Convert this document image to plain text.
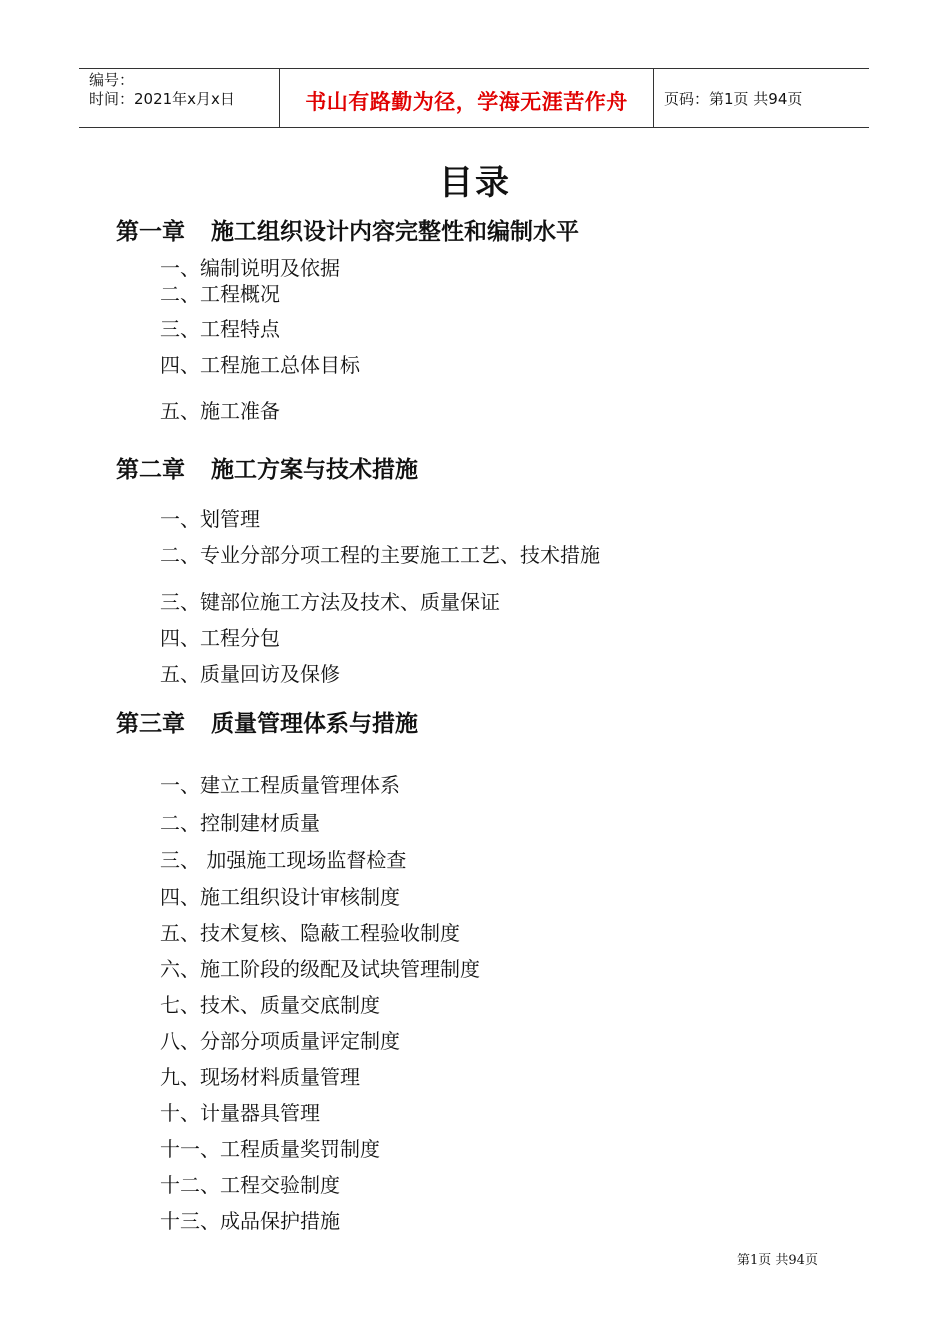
编号：
时间：2021年x月x日	书山有路勤为径，学海无涯苦作舟	页码：第1页 共94页
目录
第一章 施工组织设计内容完整性和编制水平
一、编制说明及依据
二、工程概况
三、工程特点
四、工程施工总体目标
五、施工准备
第二章 施工方案与技术措施
一、划管理
二、专业分部分项工程的主要施工工艺、技术措施
三、键部位施工方法及技术、质量保证
四、工程分包
五、质量回访及保修
第三章 质量管理体系与措施
一、建立工程质量管理体系
二、控制建材质量
三、 加强施工现场监督检查
四、施工组织设计审核制度
五、技术复核、隐蔽工程验收制度
六、施工阶段的级配及试块管理制度
七、技术、质量交底制度
八、分部分项质量评定制度
九、现场材料质量管理
十、计量器具管理
十一、工程质量奖罚制度
十二、工程交验制度
十三、成品保护措施
第1页 共94页
